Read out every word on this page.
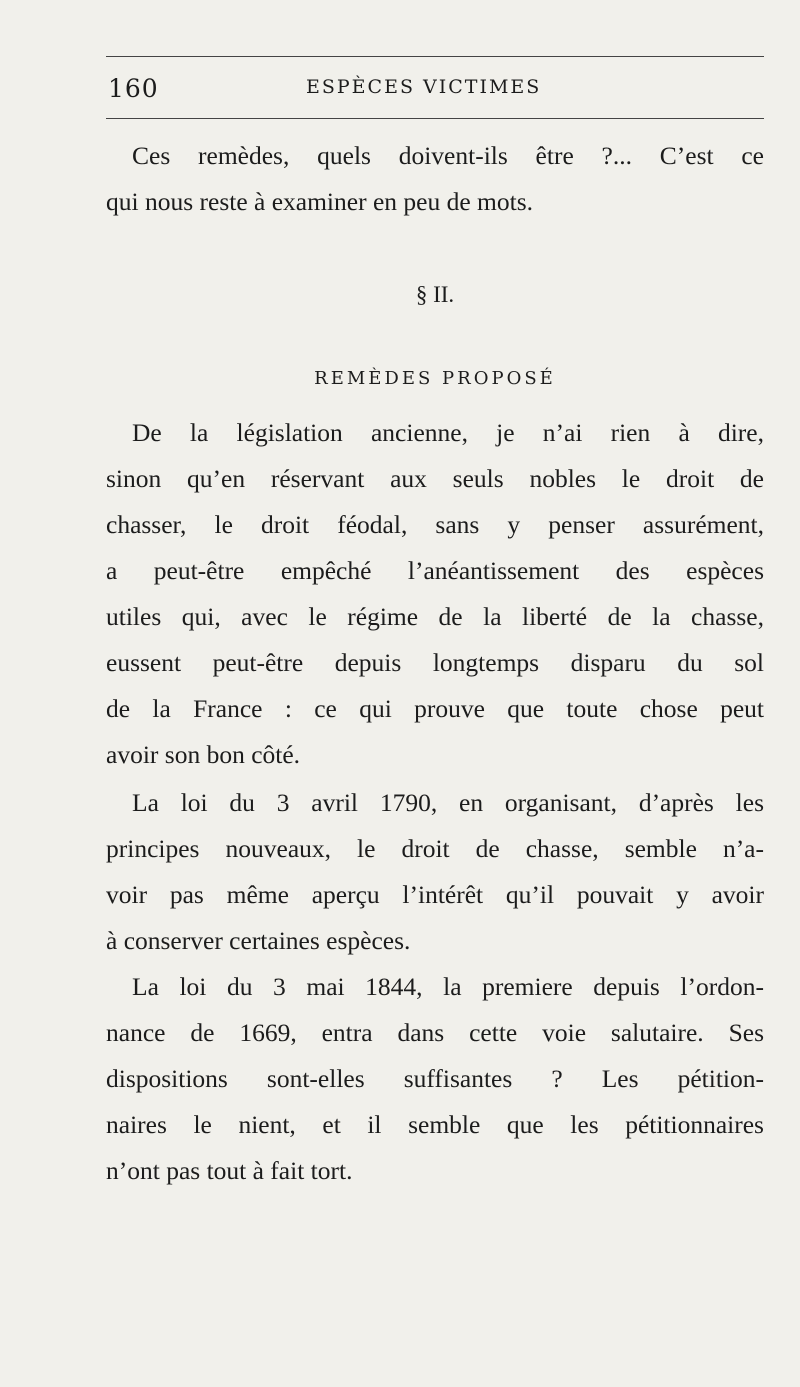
160	ESPÈCES VICTIMES
Ces remèdes, quels doivent-ils être ?... C’est ce
qui nous reste à examiner en peu de mots.
§ II.
REMÈDES PROPOSÉ
De la législation ancienne, je n’ai rien à dire,
sinon qu’en réservant aux seuls nobles le droit de
chasser, le droit féodal, sans y penser assurément,
a peut-être empêché l’anéantissement des espèces
utiles qui, avec le régime de la liberté de la chasse,
eussent peut-être depuis longtemps disparu du sol
de la France : ce qui prouve que toute chose peut
avoir son bon côté.
La loi du 3 avril 1790, en organisant, d’après les
principes nouveaux, le droit de chasse, semble n’a-
voir pas même aperçu l’intérêt qu’il pouvait y avoir
à conserver certaines espèces.
La loi du 3 mai 1844, la premiere depuis l’ordon-
nance de 1669, entra dans cette voie salutaire. Ses
dispositions sont-elles suffisantes ? Les pétition-
naires le nient, et il semble que les pétitionnaires
n’ont pas tout à fait tort.
